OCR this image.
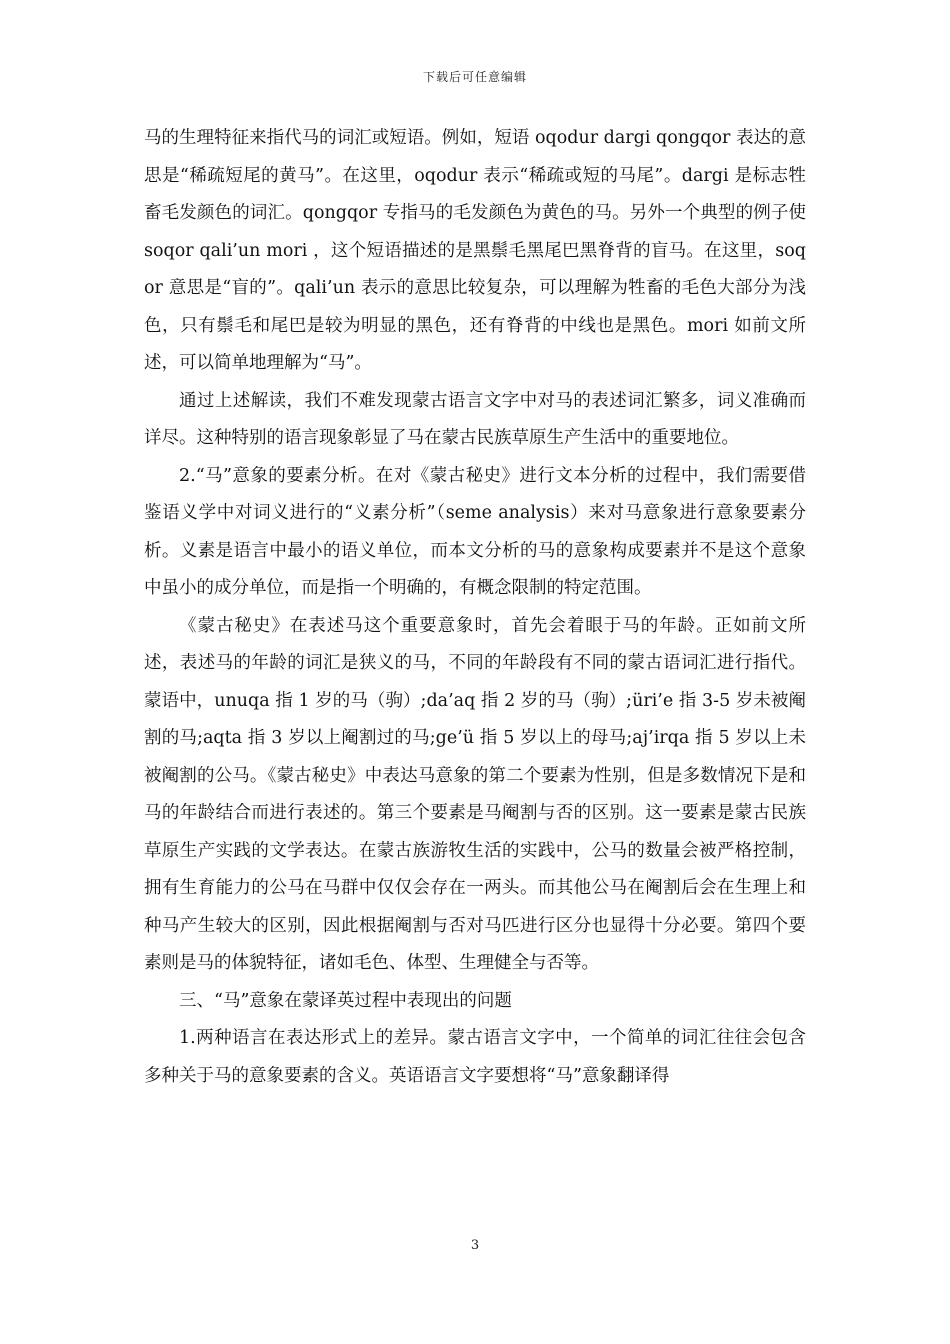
下载后可任意编辑

马的生理特征来指代马的词汇或短语。例如，短语 oqodur dargi qongqor 表达的意思是“稀疏短尾的黄马”。在这里，oqodur 表示“稀疏或短的马尾”。dargi 是标志牲畜毛发颜色的词汇。qongqor 专指马的毛发颜色为黄色的马。另外一个典型的例子使 soqor qali’un mori ，这个短语描述的是黑鬃毛黑尾巴黑脊背的盲马。在这里，soqor 意思是“盲的”。qali’un 表示的意思比较复杂，可以理解为牲畜的毛色大部分为浅色，只有鬃毛和尾巴是较为明显的黑色，还有脊背的中线也是黑色。mori 如前文所述，可以简单地理解为“马”。

通过上述解读，我们不难发现蒙古语言文字中对马的表述词汇繁多，词义准确而详尽。这种特别的语言现象彰显了马在蒙古民族草原生产生活中的重要地位。

2.“马”意象的要素分析。在对《蒙古秘史》进行文本分析的过程中，我们需要借鉴语义学中对词义进行的“义素分析”（seme analysis）来对马意象进行意象要素分析。义素是语言中最小的语义单位，而本文分析的马的意象构成要素并不是这个意象中虽小的成分单位，而是指一个明确的，有概念限制的特定范围。

《蒙古秘史》在表述马这个重要意象时，首先会着眼于马的年龄。正如前文所述，表述马的年龄的词汇是狭义的马，不同的年龄段有不同的蒙古语词汇进行指代。蒙语中，unuqa 指 1 岁的马（驹）;da’aq 指 2 岁的马（驹）;üri’e 指 3-5 岁未被阉割的马;aqta 指 3 岁以上阉割过的马;ge’ü 指 5 岁以上的母马;aj’irqa 指 5 岁以上未被阉割的公马。《蒙古秘史》中表达马意象的第二个要素为性别，但是多数情况下是和马的年龄结合而进行表述的。第三个要素是马阉割与否的区别。这一要素是蒙古民族草原生产实践的文学表达。在蒙古族游牧生活的实践中，公马的数量会被严格控制，拥有生育能力的公马在马群中仅仅会存在一两头。而其他公马在阉割后会在生理上和种马产生较大的区别，因此根据阉割与否对马匹进行区分也显得十分必要。第四个要素则是马的体貌特征，诸如毛色、体型、生理健全与否等。

三、“马”意象在蒙译英过程中表现出的问题

1.两种语言在表达形式上的差异。蒙古语言文字中，一个简单的词汇往往会包含多种关于马的意象要素的含义。英语语言文字要想将“马”意象翻译得

3
